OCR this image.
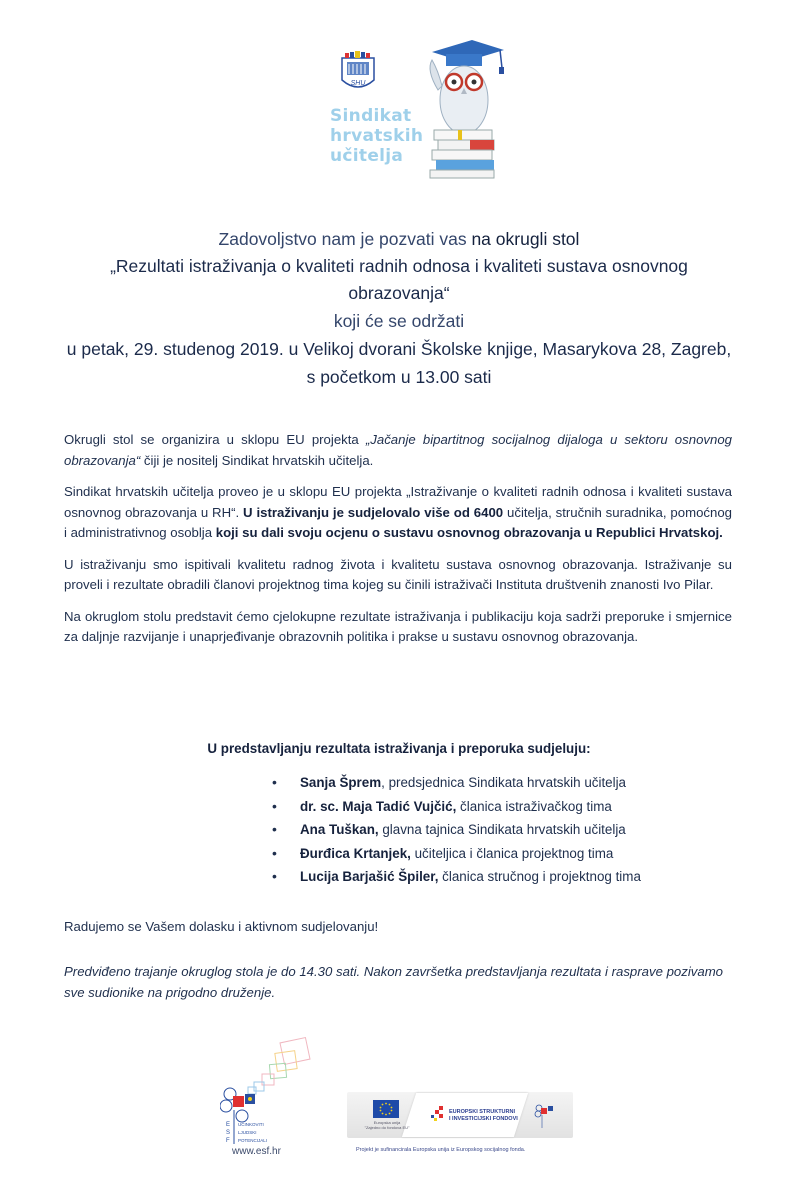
SHU
Sindikat
hrvatskih
učitelja
Zadovoljstvo nam je pozvati vas na okrugli stol
„Rezultati istraživanja o kvaliteti radnih odnosa i kvaliteti sustava osnovnog obrazovanja“
koji će se održati
u petak, 29. studenog 2019. u Velikoj dvorani Školske knjige, Masarykova 28, Zagreb, s početkom u 13.00 sati

Okrugli stol se organizira u sklopu EU projekta „Jačanje bipartitnog socijalnog dijaloga u sektoru osnovnog obrazovanja“ čiji je nositelj Sindikat hrvatskih učitelja.

Sindikat hrvatskih učitelja proveo je u sklopu EU projekta „Istraživanje o kvaliteti radnih odnosa i kvaliteti sustava osnovnog obrazovanja u RH“. U istraživanju je sudjelovalo više od 6400 učitelja, stručnih suradnika, pomoćnog i administrativnog osoblja koji su dali svoju ocjenu o sustavu osnovnog obrazovanja u Republici Hrvatskoj.

U istraživanju smo ispitivali kvalitetu radnog života i kvalitetu sustava osnovnog obrazovanja. Istraživanje su proveli i rezultate obradili članovi projektnog tima kojeg su činili istraživači Instituta društvenih znanosti Ivo Pilar.

Na okruglom stolu predstavit ćemo cjelokupne rezultate istraživanja i publikaciju koja sadrži preporuke i smjernice za daljnje razvijanje i unaprjeđivanje obrazovnih politika i prakse u sustavu osnovnog obrazovanja.

U predstavljanju rezultata istraživanja i preporuka sudjeluju:
• Sanja Šprem, predsjednica Sindikata hrvatskih učitelja
• dr. sc. Maja Tadić Vujčić, članica istraživačkog tima
• Ana Tuškan, glavna tajnica Sindikata hrvatskih učitelja
• Đurđica Krtanjek, učiteljica i članica projektnog tima
• Lucija Barjašić Špiler, članica stručnog i projektnog tima
Radujemo se Vašem dolasku i aktivnom sudjelovanju!
Predviđeno trajanje okruglog stola je do 14.30 sati. Nakon završetka predstavljanja rezultata i rasprave pozivamo sve sudionike na prigodno druženje.
E
S
F
UČINKOVITI
LJUDSKI
POTENCIJALI
www.esf.hr
Europska unija
"Zajedno do fondova EU"
EUROPSKI STRUKTURNI
I INVESTICIJSKI FONDOVI
Projekt je sufinancirala Europska unija iz Europskog socijalnog fonda.
